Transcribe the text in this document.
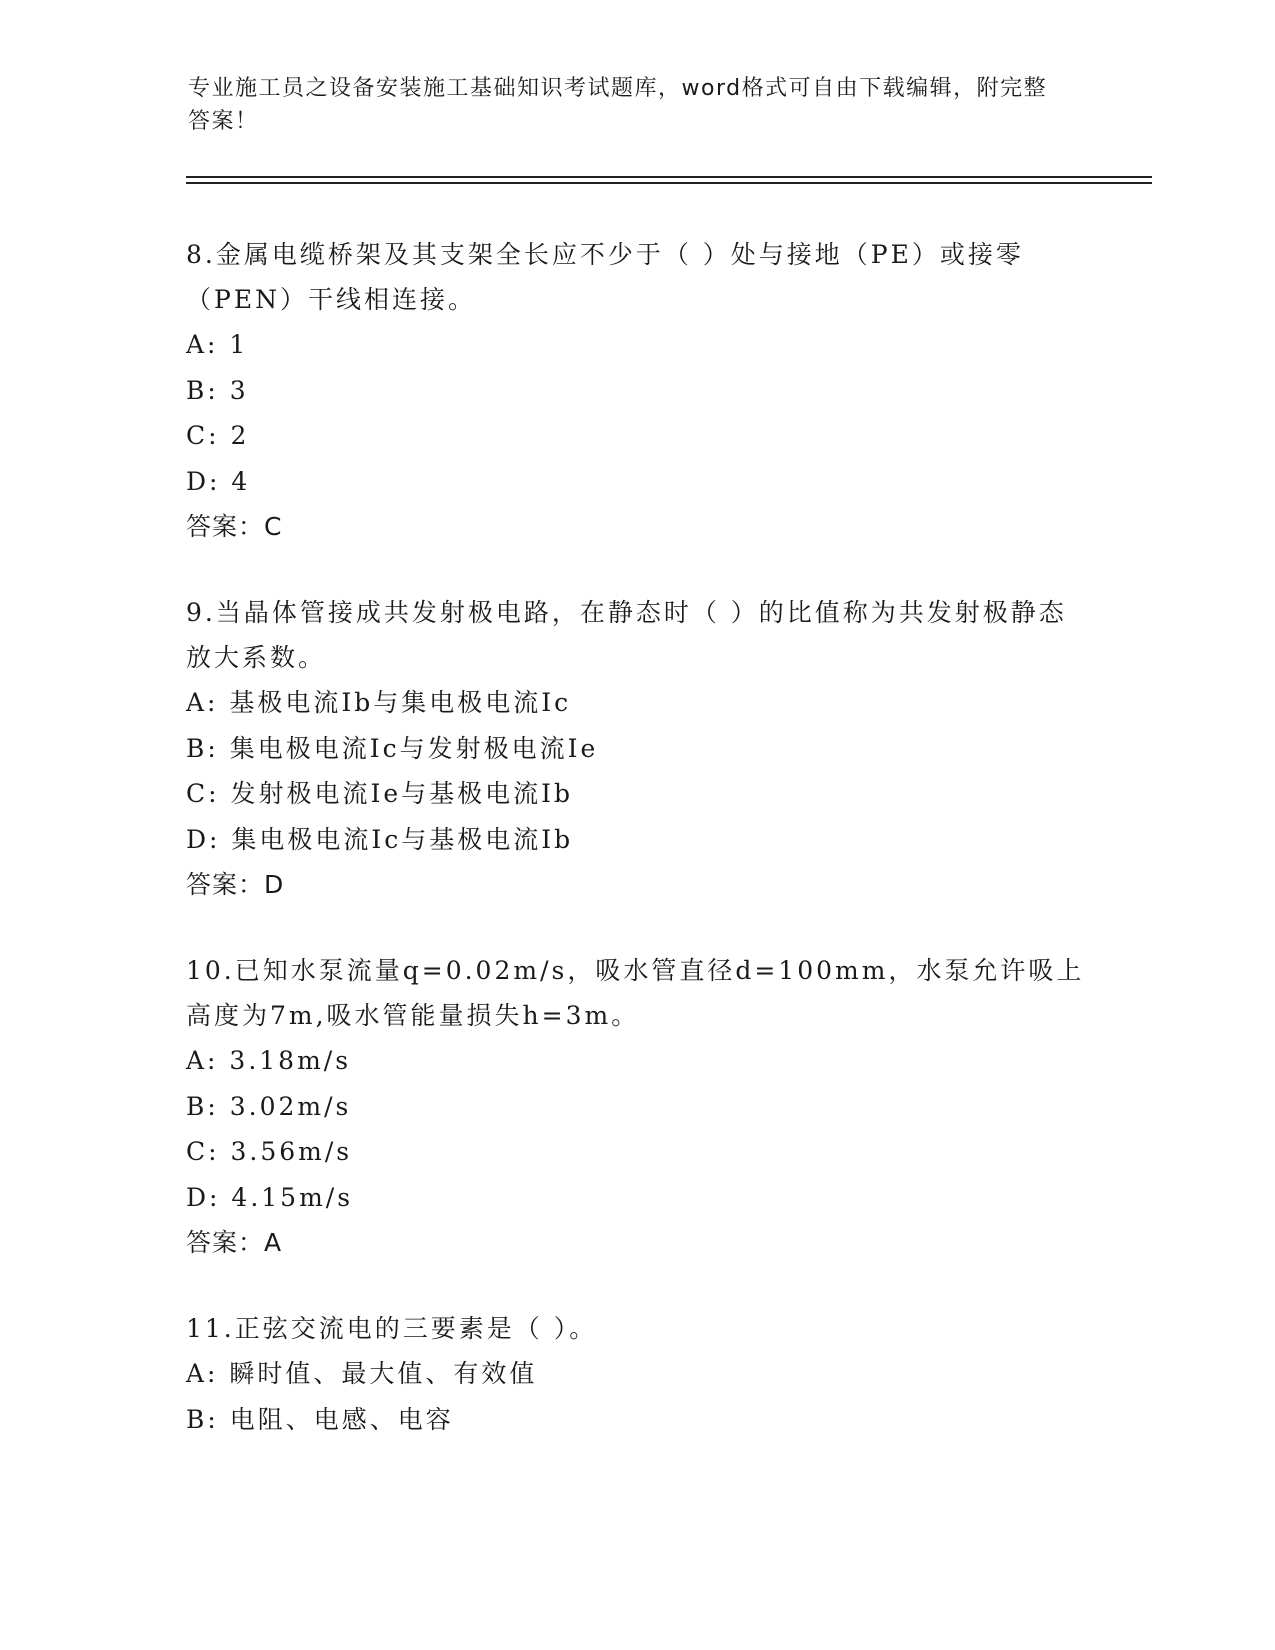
专业施工员之设备安装施工基础知识考试题库，word格式可自由下载编辑，附完整答案！
8.金属电缆桥架及其支架全长应不少于（ ）处与接地（PE）或接零（PEN）干线相连接。
A: 1
B: 3
C: 2
D: 4
答案：C
9.当晶体管接成共发射极电路，在静态时（ ）的比值称为共发射极静态放大系数。
A: 基极电流Ib与集电极电流Ic
B: 集电极电流Ic与发射极电流Ie
C: 发射极电流Ie与基极电流Ib
D: 集电极电流Ic与基极电流Ib
答案：D
10.已知水泵流量q=0.02m/s，吸水管直径d=100mm，水泵允许吸上高度为7m,吸水管能量损失h=3m。
A: 3.18m/s
B: 3.02m/s
C: 3.56m/s
D: 4.15m/s
答案：A
11.正弦交流电的三要素是（ ）。
A: 瞬时值、最大值、有效值
B: 电阻、电感、电容
